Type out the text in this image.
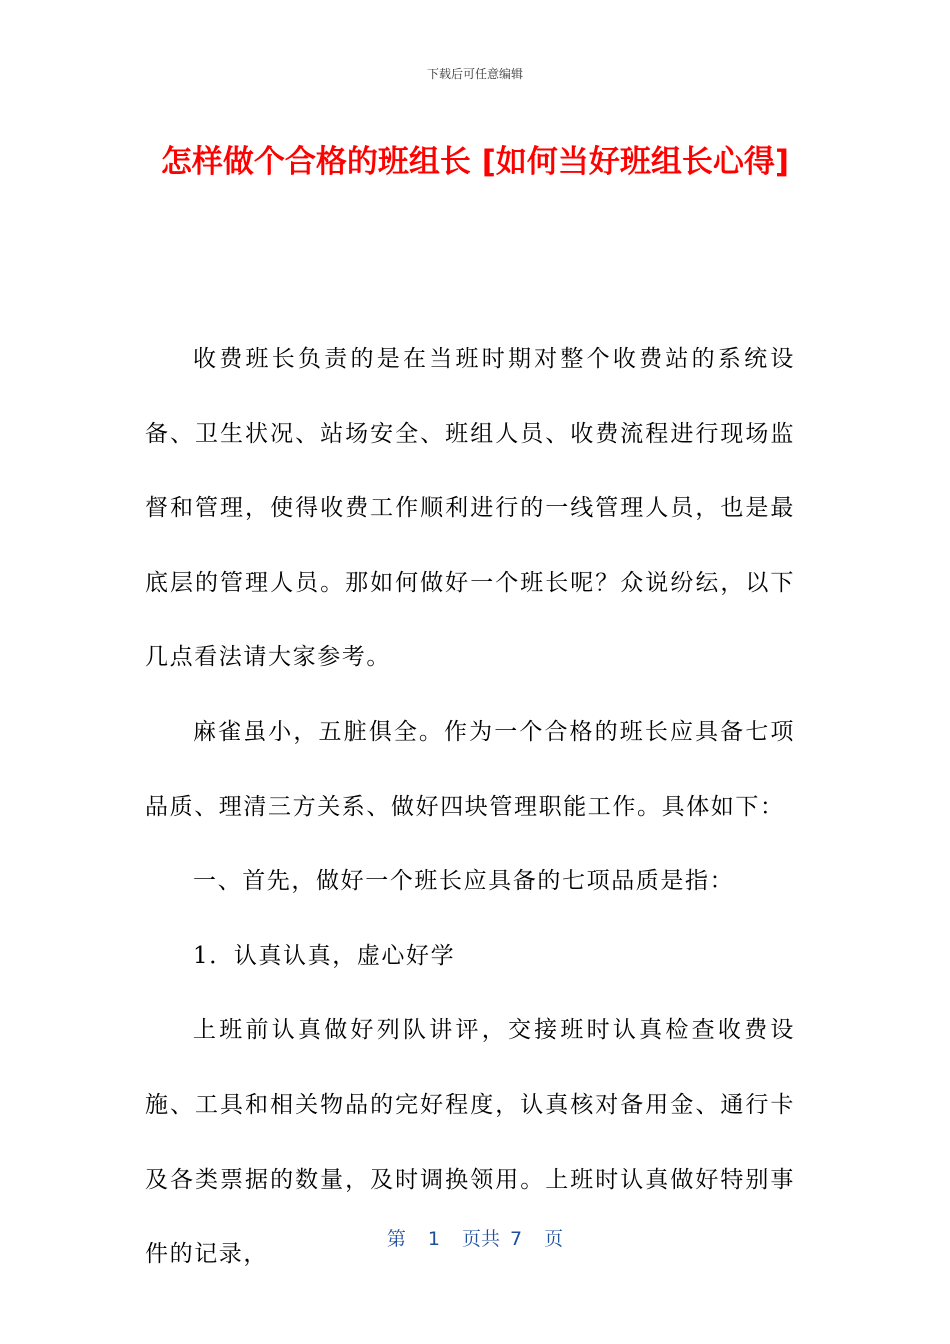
下载后可任意编辑
怎样做个合格的班组长 [如何当好班组长心得]

收费班长负责的是在当班时期对整个收费站的系统设备、卫生状况、站场安全、班组人员、收费流程进行现场监督和管理，使得收费工作顺利进行的一线管理人员，也是最底层的管理人员。那如何做好一个班长呢？众说纷纭，以下几点看法请大家参考。

麻雀虽小，五脏俱全。作为一个合格的班长应具备七项品质、理清三方关系、做好四块管理职能工作。具体如下：

一、首先，做好一个班长应具备的七项品质是指：

1．认真认真，虚心好学

上班前认真做好列队讲评，交接班时认真检查收费设施、工具和相关物品的完好程度，认真核对备用金、通行卡及各类票据的数量，及时调换领用。上班时认真做好特别事件的记录，

第 1 页共 7 页
